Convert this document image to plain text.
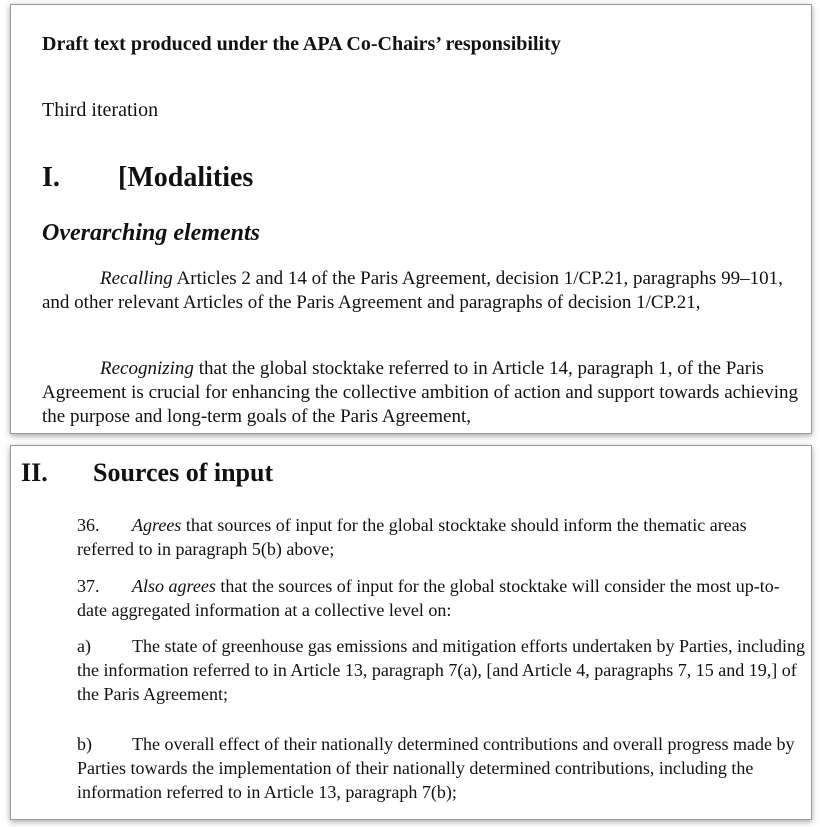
Draft text produced under the APA Co-Chairs’ responsibility
Third iteration
I. [Modalities
Overarching elements
Recalling Articles 2 and 14 of the Paris Agreement, decision 1/CP.21, paragraphs 99–101, and other relevant Articles of the Paris Agreement and paragraphs of decision 1/CP.21,
Recognizing that the global stocktake referred to in Article 14, paragraph 1, of the Paris Agreement is crucial for enhancing the collective ambition of action and support towards achieving the purpose and long-term goals of the Paris Agreement,
II. Sources of input
36. Agrees that sources of input for the global stocktake should inform the thematic areas referred to in paragraph 5(b) above;
37. Also agrees that the sources of input for the global stocktake will consider the most up-to-date aggregated information at a collective level on:
a) The state of greenhouse gas emissions and mitigation efforts undertaken by Parties, including the information referred to in Article 13, paragraph 7(a), [and Article 4, paragraphs 7, 15 and 19,] of the Paris Agreement;
b) The overall effect of their nationally determined contributions and overall progress made by Parties towards the implementation of their nationally determined contributions, including the information referred to in Article 13, paragraph 7(b);
